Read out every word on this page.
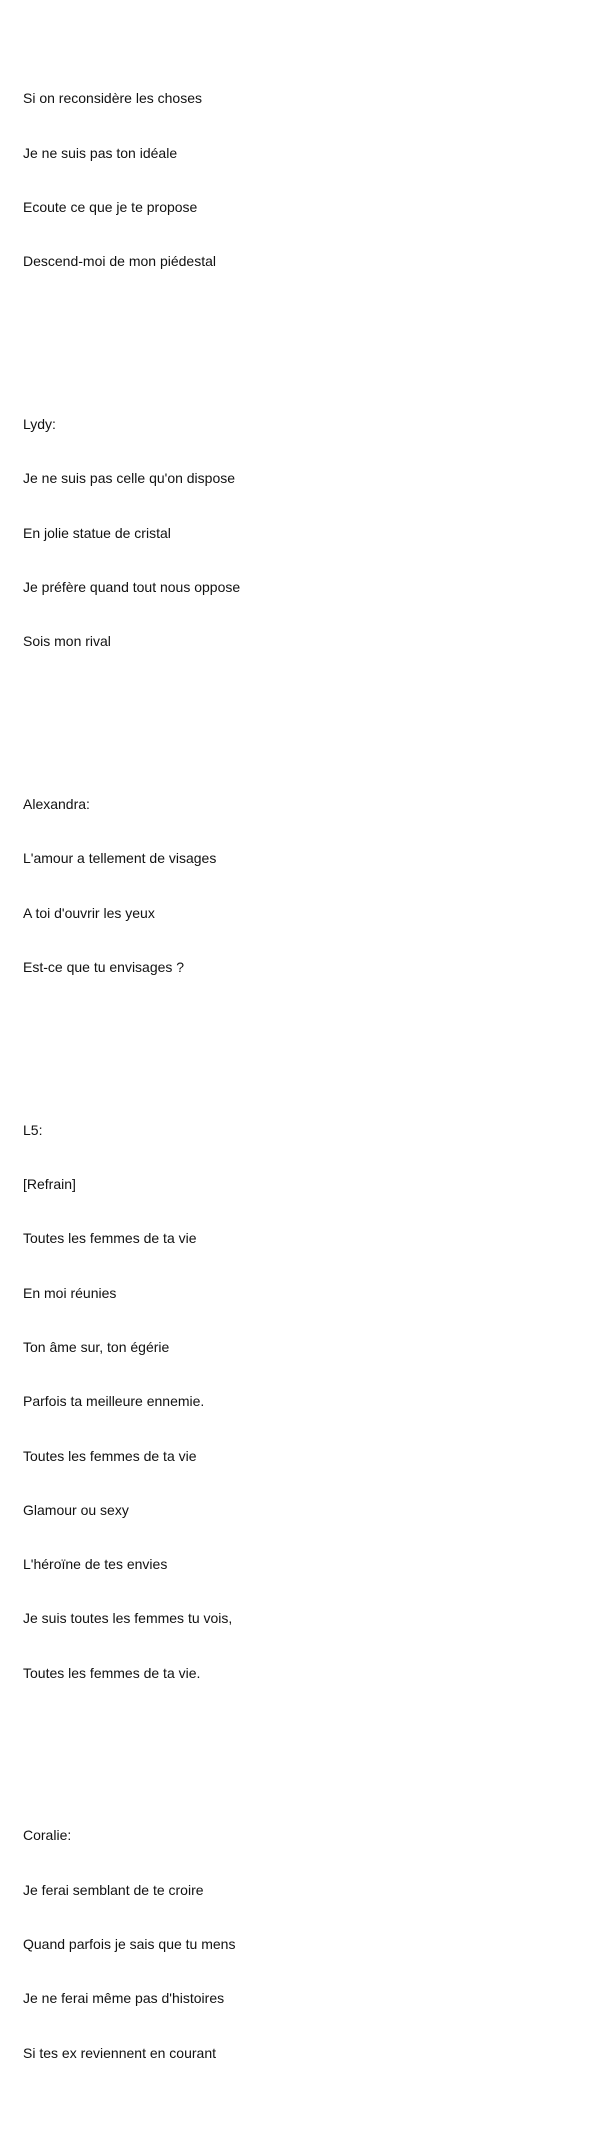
Si on reconsidère les choses

Je ne suis pas ton idéale

Ecoute ce que je te propose

Descend-moi de mon piédestal

Lydy:

Je ne suis pas celle qu'on dispose

En jolie statue de cristal

Je préfère quand tout nous oppose

Sois mon rival

Alexandra:

L'amour a tellement de visages

A toi d'ouvrir les yeux

Est-ce que tu envisages ?

L5:

[Refrain]

Toutes les femmes de ta vie

En moi réunies

Ton âme sur, ton égérie

Parfois ta meilleure ennemie.

Toutes les femmes de ta vie

Glamour ou sexy

L'héroïne de tes envies

Je suis toutes les femmes tu vois,

Toutes les femmes de ta vie.

Coralie:

Je ferai semblant de te croire

Quand parfois je sais que tu mens

Je ne ferai même pas d'histoires

Si tes ex reviennent en courant
